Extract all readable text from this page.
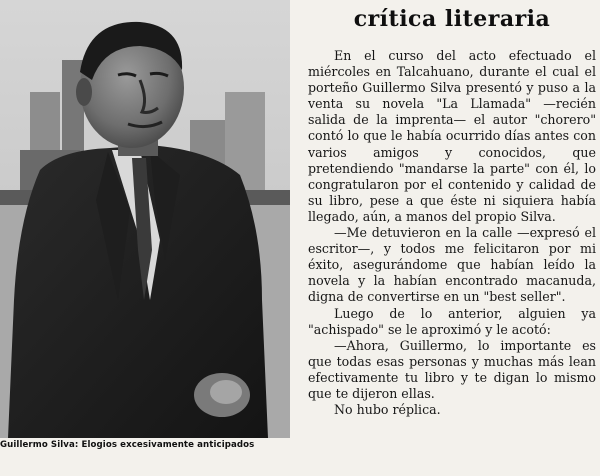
Guillermo Silva: Elogios excesivamente anticipados
crítica literaria

En el curso del acto efectuado el miércoles en Talcahuano, durante el cual el porteño Guillermo Silva presentó y puso a la venta su novela "La Llamada" —recién salida de la imprenta— el autor "chorero" contó lo que le había ocurrido días antes con varios amigos y conocidos, que pretendiendo "mandarse la parte" con él, lo congratularon por el contenido y calidad de su libro, pese a que éste ni siquiera había llegado, aún, a manos del propio Silva.

—Me detuvieron en la calle —expresó el escritor—, y todos me felicitaron por mi éxito, asegurándome que habían leído la novela y la habían encontrado macanuda, digna de convertirse en un "best seller".

Luego de lo anterior, alguien ya "achispado" se le aproximó y le acotó:

—Ahora, Guillermo, lo importante es que todas esas personas y muchas más lean efectivamente tu libro y te digan lo mismo que te dijeron ellas.

No hubo réplica.
